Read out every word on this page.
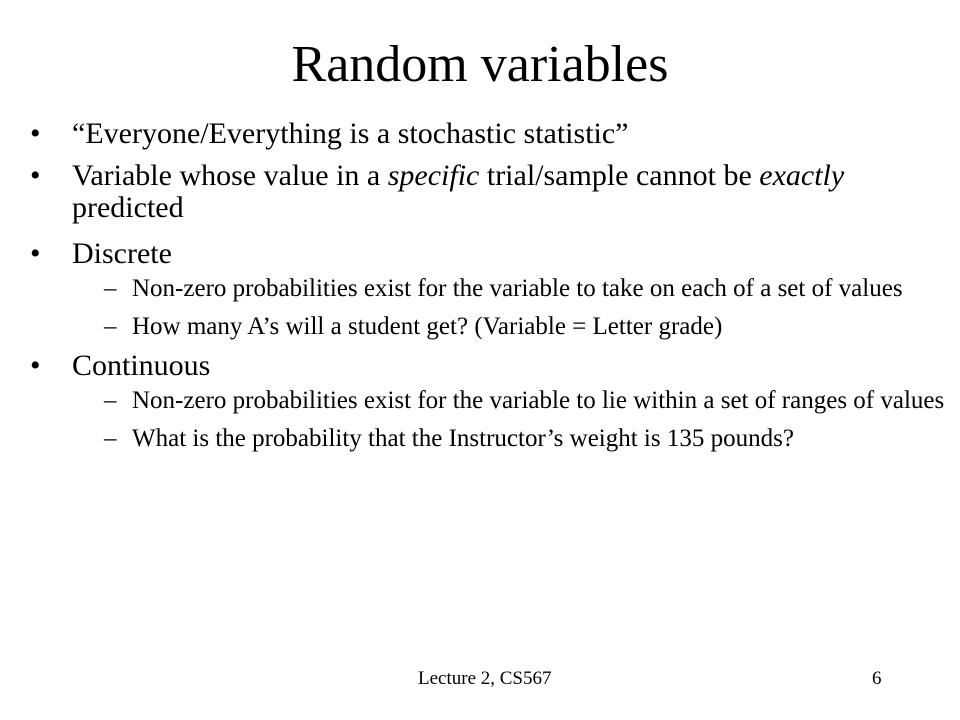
Random variables
•	“Everyone/Everything is a stochastic statistic”
•	Variable whose value in a specific trial/sample cannot be exactly predicted
•	Discrete
– Non-zero probabilities exist for the variable to take on each of a set of values
– How many A’s will a student get? (Variable = Letter grade)
•	Continuous
– Non-zero probabilities exist for the variable to lie within a set of ranges of values
– What is the probability that the Instructor’s weight is 135 pounds?
Lecture 2, CS567	6
